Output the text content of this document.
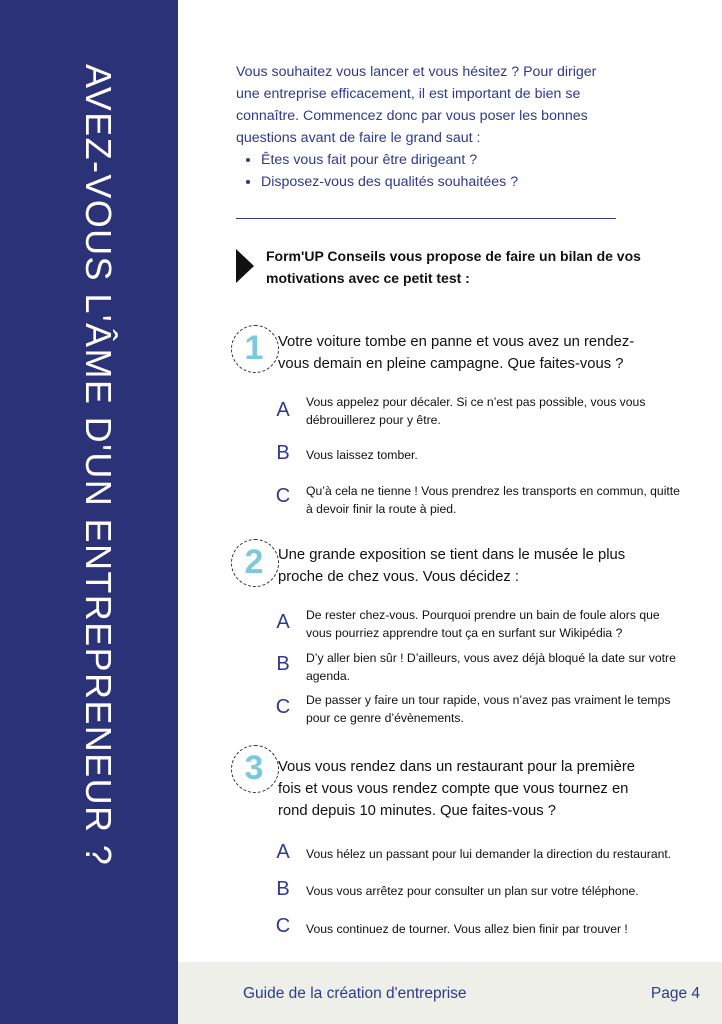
AVEZ-VOUS L'ÂME D'UN ENTREPRENEUR ?	Vous souhaitez vous lancer et vous hésitez ? Pour diriger une entreprise efficacement, il est important de bien se connaître. Commencez donc par vous poser les bonnes questions avant de faire le grand saut :

• Êtes vous fait pour être dirigeant ?
• Disposez-vous des qualités souhaitées ?
Form'UP Conseils vous propose de faire un bilan de vos motivations avec ce petit test :
1 Votre voiture tombe en panne et vous avez un rendez-vous demain en pleine campagne. Que faites-vous ?
A	Vous appelez pour décaler. Si ce n’est pas possible, vous vous débrouillerez pour y être.
B	Vous laissez tomber.
C	Qu’à cela ne tienne ! Vous prendrez les transports en commun, quitte à devoir finir la route à pied.
2 Une grande exposition se tient dans le musée le plus proche de chez vous. Vous décidez :
A	De rester chez-vous. Pourquoi prendre un bain de foule alors que vous pourriez apprendre tout ça en surfant sur Wikipédia ?
B	D’y aller bien sûr ! D’ailleurs, vous avez déjà bloqué la date sur votre agenda.
C	De passer y faire un tour rapide, vous n’avez pas vraiment le temps pour ce genre d’évènements.
3 Vous vous rendez dans un restaurant pour la première fois et vous vous rendez compte que vous tournez en rond depuis 10 minutes. Que faites-vous ?
A	Vous hélez un passant pour lui demander la direction du restaurant.
B	Vous vous arrêtez pour consulter un plan sur votre téléphone.
C	Vous continuez de tourner. Vous allez bien finir par trouver !
Guide de la création d'entreprise	Page 4
